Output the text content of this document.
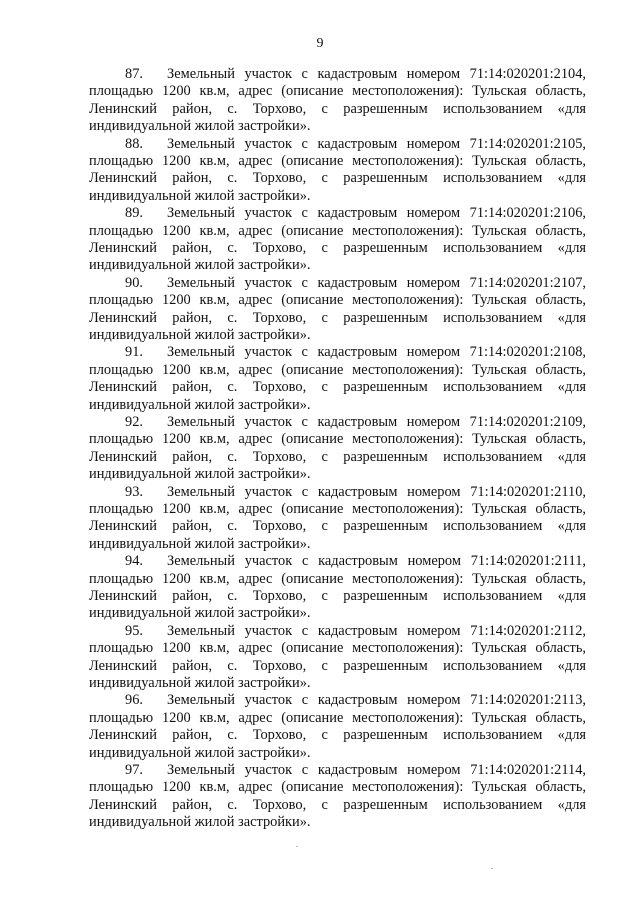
9
87. Земельный участок с кадастровым номером 71:14:020201:2104,
площадью 1200 кв.м, адрес (описание местоположения): Тульская область,
Ленинский район, с. Торхово, с разрешенным использованием «для
индивидуальной жилой застройки».
88. Земельный участок с кадастровым номером 71:14:020201:2105,
площадью 1200 кв.м, адрес (описание местоположения): Тульская область,
Ленинский район, с. Торхово, с разрешенным использованием «для
индивидуальной жилой застройки».
89. Земельный участок с кадастровым номером 71:14:020201:2106,
площадью 1200 кв.м, адрес (описание местоположения): Тульская область,
Ленинский район, с. Торхово, с разрешенным использованием «для
индивидуальной жилой застройки».
90. Земельный участок с кадастровым номером 71:14:020201:2107,
площадью 1200 кв.м, адрес (описание местоположения): Тульская область,
Ленинский район, с. Торхово, с разрешенным использованием «для
индивидуальной жилой застройки».
91. Земельный участок с кадастровым номером 71:14:020201:2108,
площадью 1200 кв.м, адрес (описание местоположения): Тульская область,
Ленинский район, с. Торхово, с разрешенным использованием «для
индивидуальной жилой застройки».
92. Земельный участок с кадастровым номером 71:14:020201:2109,
площадью 1200 кв.м, адрес (описание местоположения): Тульская область,
Ленинский район, с. Торхово, с разрешенным использованием «для
индивидуальной жилой застройки».
93. Земельный участок с кадастровым номером 71:14:020201:2110,
площадью 1200 кв.м, адрес (описание местоположения): Тульская область,
Ленинский район, с. Торхово, с разрешенным использованием «для
индивидуальной жилой застройки».
94. Земельный участок с кадастровым номером 71:14:020201:2111,
площадью 1200 кв.м, адрес (описание местоположения): Тульская область,
Ленинский район, с. Торхово, с разрешенным использованием «для
индивидуальной жилой застройки».
95. Земельный участок с кадастровым номером 71:14:020201:2112,
площадью 1200 кв.м, адрес (описание местоположения): Тульская область,
Ленинский район, с. Торхово, с разрешенным использованием «для
индивидуальной жилой застройки».
96. Земельный участок с кадастровым номером 71:14:020201:2113,
площадью 1200 кв.м, адрес (описание местоположения): Тульская область,
Ленинский район, с. Торхово, с разрешенным использованием «для
индивидуальной жилой застройки».
97. Земельный участок с кадастровым номером 71:14:020201:2114,
площадью 1200 кв.м, адрес (описание местоположения): Тульская область,
Ленинский район, с. Торхово, с разрешенным использованием «для
индивидуальной жилой застройки».
